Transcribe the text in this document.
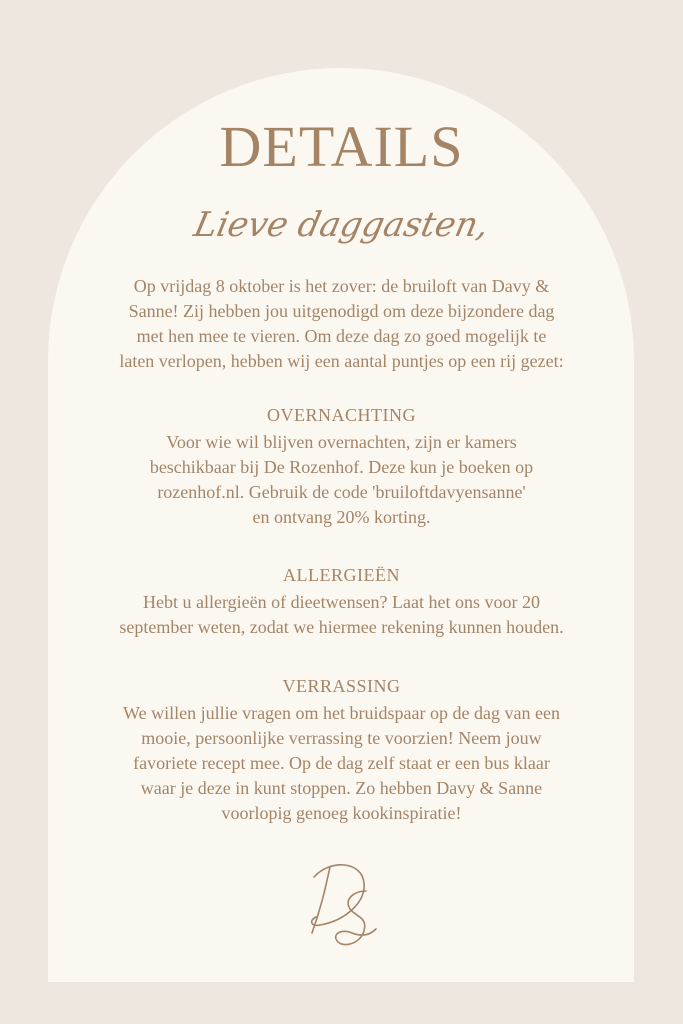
DETAILS
Lieve daggasten,
Op vrijdag 8 oktober is het zover: de bruiloft van Davy &
Sanne! Zij hebben jou uitgenodigd om deze bijzondere dag
met hen mee te vieren. Om deze dag zo goed mogelijk te
laten verlopen, hebben wij een aantal puntjes op een rij gezet:
OVERNACHTING
Voor wie wil blijven overnachten, zijn er kamers
beschikbaar bij De Rozenhof. Deze kun je boeken op
rozenhof.nl. Gebruik de code 'bruiloftdavyensanne'
en ontvang 20% korting.
ALLERGIEËN
Hebt u allergieën of dieetwensen? Laat het ons voor 20
september weten, zodat we hiermee rekening kunnen houden.
VERRASSING
We willen jullie vragen om het bruidspaar op de dag van een
mooie, persoonlijke verrassing te voorzien! Neem jouw
favoriete recept mee. Op de dag zelf staat er een bus klaar
waar je deze in kunt stoppen. Zo hebben Davy & Sanne
voorlopig genoeg kookinspiratie!
